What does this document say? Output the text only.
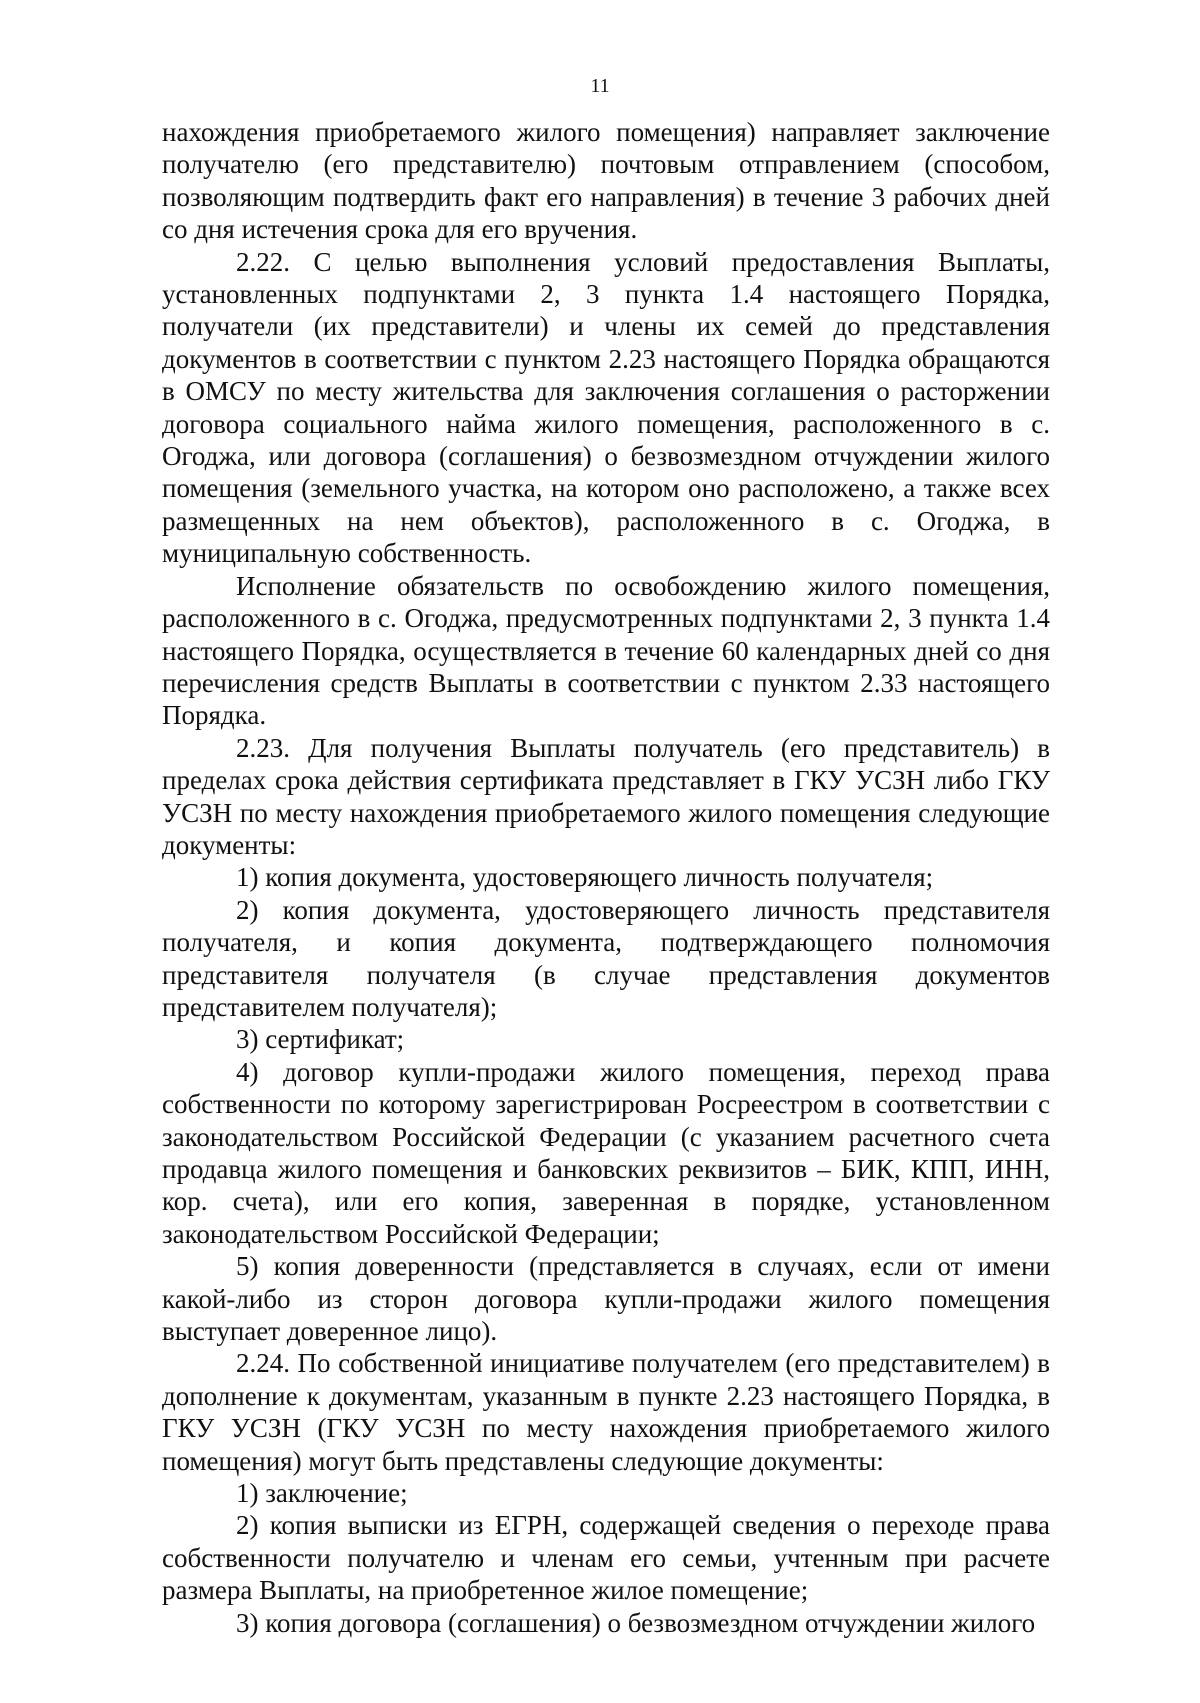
11

нахождения приобретаемого жилого помещения) направляет заключение получателю (его представителю) почтовым отправлением (способом, позволяющим подтвердить факт его направления) в течение 3 рабочих дней со дня истечения срока для его вручения.

2.22. С целью выполнения условий предоставления Выплаты, установленных подпунктами 2, 3 пункта 1.4 настоящего Порядка, получатели (их представители) и члены их семей до представления документов в соответствии с пунктом 2.23 настоящего Порядка обращаются в ОМСУ по месту жительства для заключения соглашения о расторжении договора социального найма жилого помещения, расположенного в с. Огоджа, или договора (соглашения) о безвозмездном отчуждении жилого помещения (земельного участка, на котором оно расположено, а также всех размещенных на нем объектов), расположенного в с. Огоджа, в муниципальную собственность.

Исполнение обязательств по освобождению жилого помещения, расположенного в с. Огоджа, предусмотренных подпунктами 2, 3 пункта 1.4 настоящего Порядка, осуществляется в течение 60 календарных дней со дня перечисления средств Выплаты в соответствии с пунктом 2.33 настоящего Порядка.

2.23. Для получения Выплаты получатель (его представитель) в пределах срока действия сертификата представляет в ГКУ УСЗН либо ГКУ УСЗН по месту нахождения приобретаемого жилого помещения следующие документы:

1) копия документа, удостоверяющего личность получателя;

2) копия документа, удостоверяющего личность представителя получателя, и копия документа, подтверждающего полномочия представителя получателя (в случае представления документов представителем получателя);

3) сертификат;

4) договор купли-продажи жилого помещения, переход права собственности по которому зарегистрирован Росреестром в соответствии с законодательством Российской Федерации (с указанием расчетного счета продавца жилого помещения и банковских реквизитов – БИК, КПП, ИНН, кор. счета), или его копия, заверенная в порядке, установленном законодательством Российской Федерации;

5) копия доверенности (представляется в случаях, если от имени какой-либо из сторон договора купли-продажи жилого помещения выступает доверенное лицо).

2.24. По собственной инициативе получателем (его представителем) в дополнение к документам, указанным в пункте 2.23 настоящего Порядка, в ГКУ УСЗН (ГКУ УСЗН по месту нахождения приобретаемого жилого помещения) могут быть представлены следующие документы:

1) заключение;

2) копия выписки из ЕГРН, содержащей сведения о переходе права собственности получателю и членам его семьи, учтенным при расчете размера Выплаты, на приобретенное жилое помещение;

3) копия договора (соглашения) о безвозмездном отчуждении жилого
